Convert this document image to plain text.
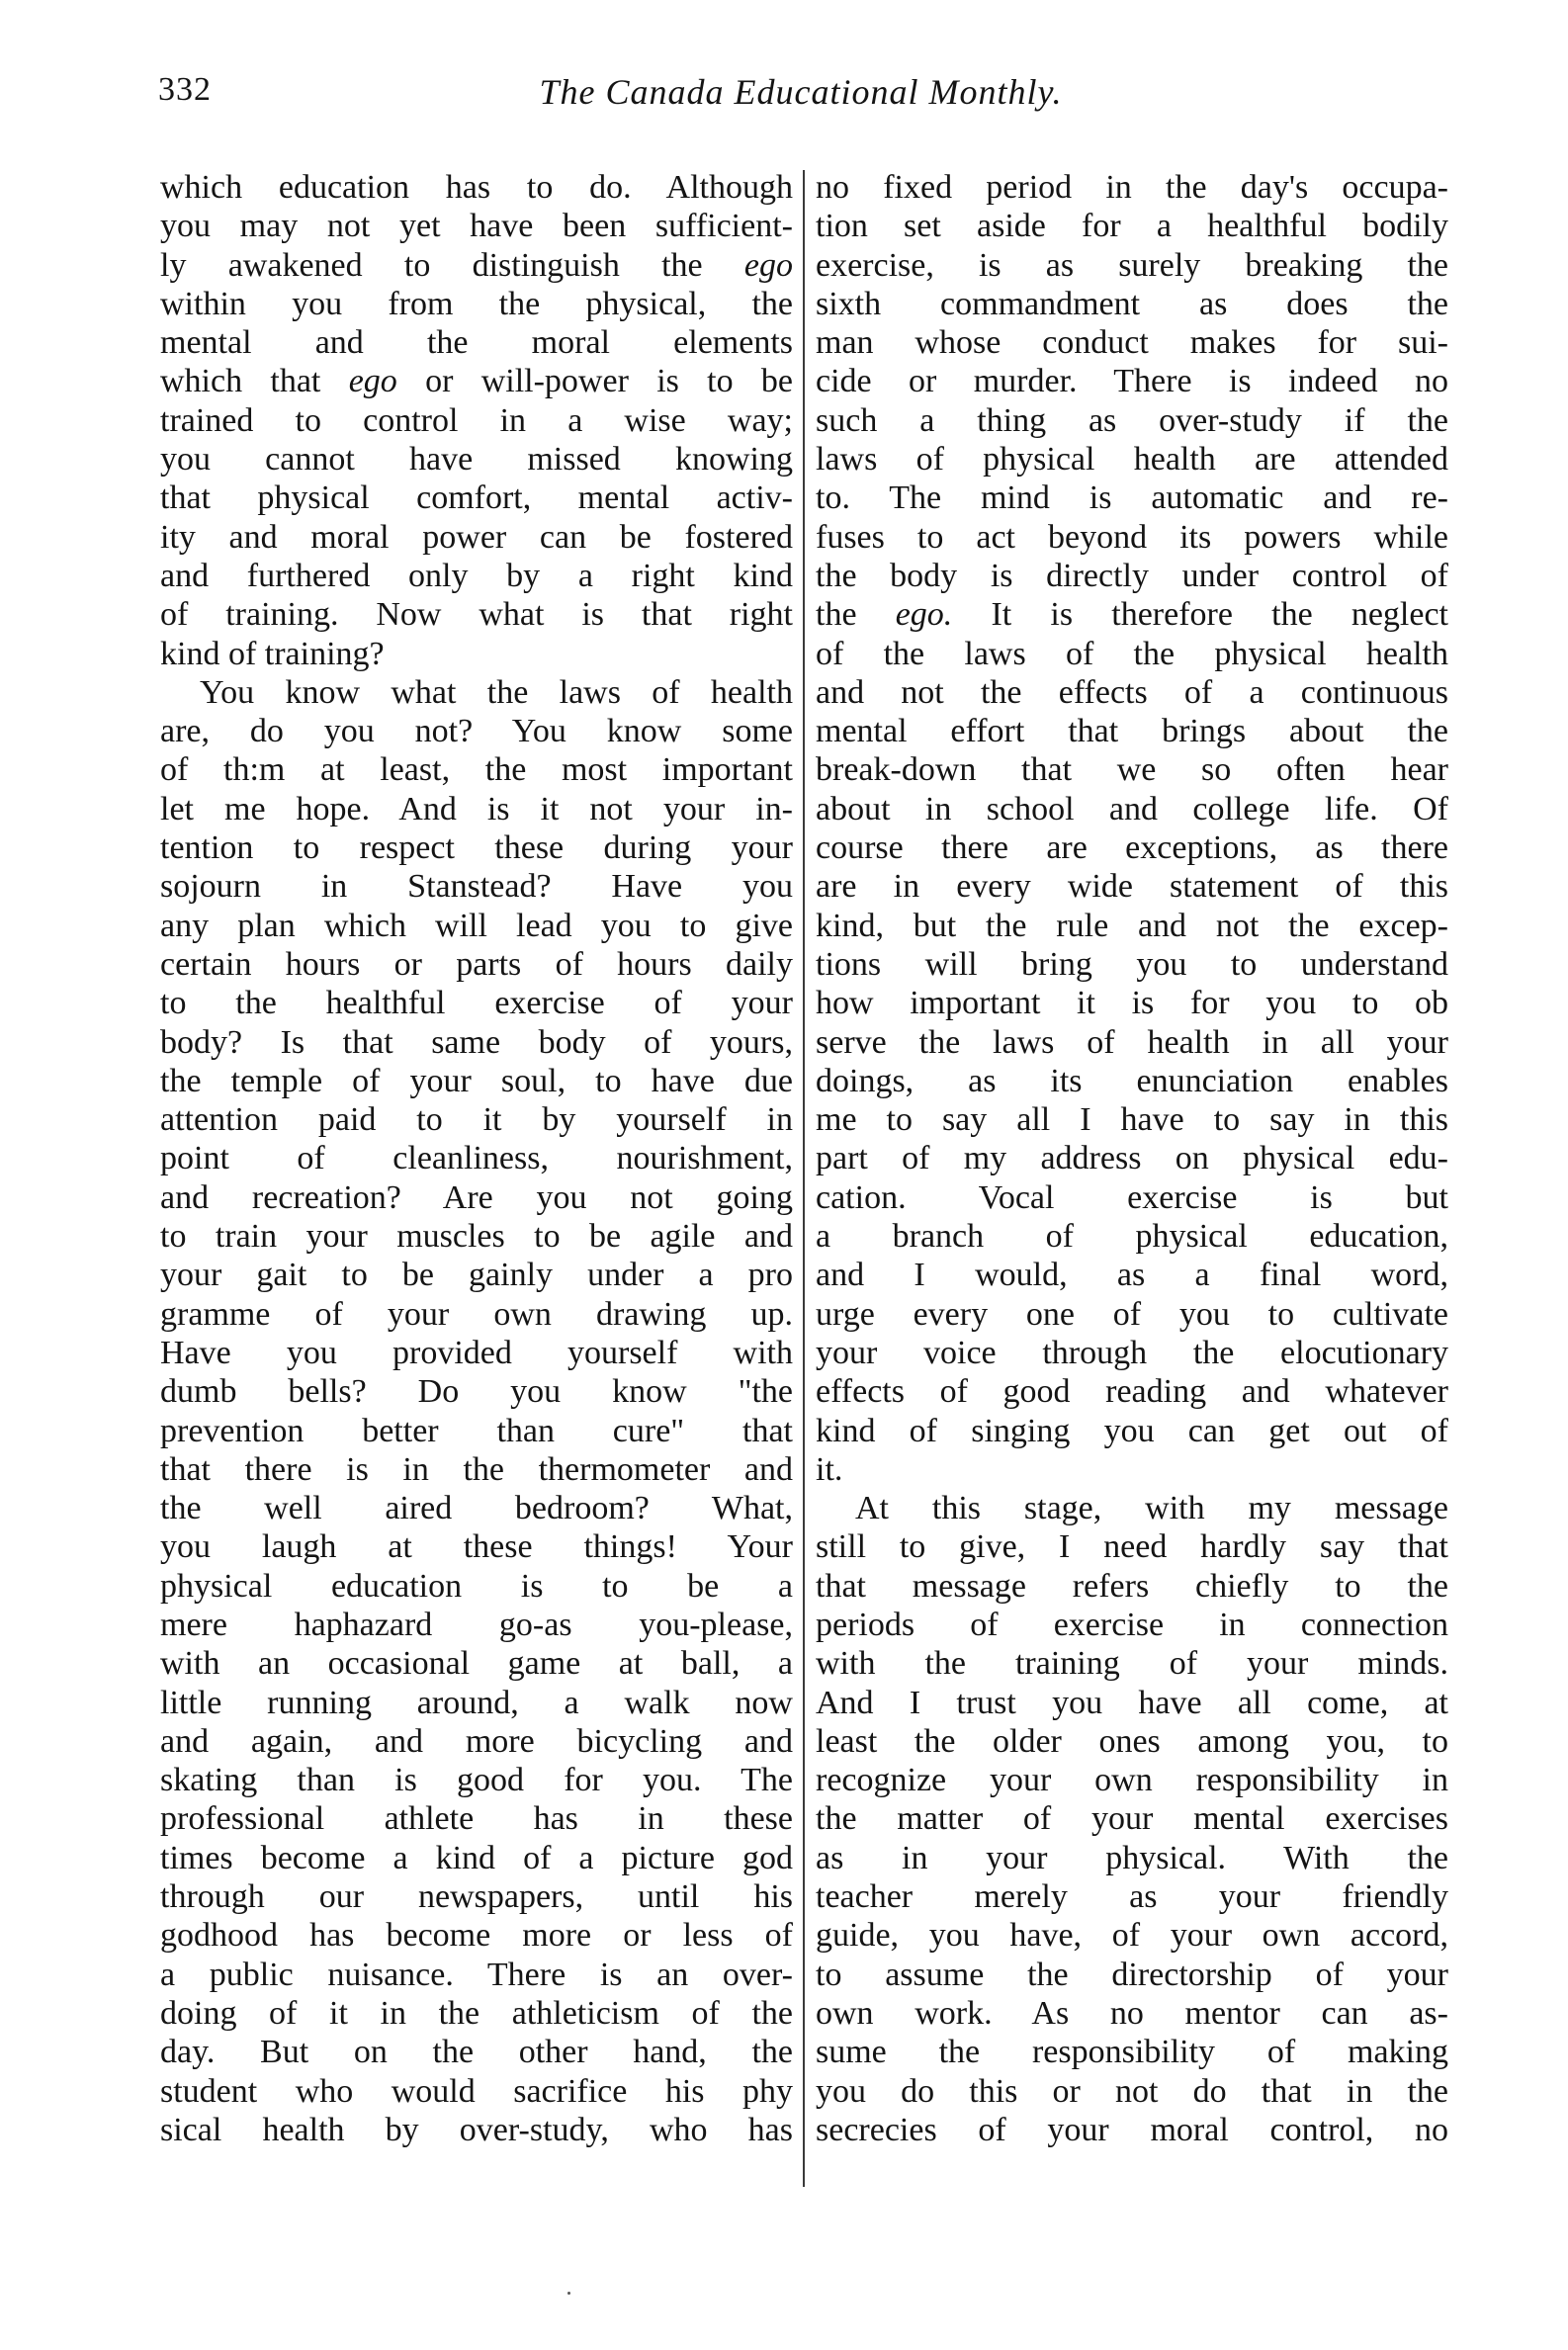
332	The Canada Educational Monthly.
which education has to do. Although
you may not yet have been sufficient-
ly awakened to distinguish the ego
within you from the physical, the
mental and the moral elements
which that ego or will-power is to be
trained to control in a wise way;
you cannot have missed knowing
that physical comfort, mental activ-
ity and moral power can be fostered
and furthered only by a right kind
of training. Now what is that right
kind of training?
You know what the laws of health
are, do you not? You know some
of th:m at least, the most important
let me hope. And is it not your in-
tention to respect these during your
sojourn in Stanstead? Have you
any plan which will lead you to give
certain hours or parts of hours daily
to the healthful exercise of your
body? Is that same body of yours,
the temple of your soul, to have due
attention paid to it by yourself in
point of cleanliness, nourishment,
and recreation? Are you not going
to train your muscles to be agile and
your gait to be gainly under a pro
gramme of your own drawing up.
Have you provided yourself with
dumb bells? Do you know "the
prevention better than cure" that
that there is in the thermometer and
the well aired bedroom? What,
you laugh at these things! Your
physical education is to be a
mere haphazard go-as you-please,
with an occasional game at ball, a
little running around, a walk now
and again, and more bicycling and
skating than is good for you. The
professional athlete has in these
times become a kind of a picture god
through our newspapers, until his
godhood has become more or less of
a public nuisance. There is an over-
doing of it in the athleticism of the
day. But on the other hand, the
student who would sacrifice his phy
sical health by over-study, who has
no fixed period in the day's occupa-
tion set aside for a healthful bodily
exercise, is as surely breaking the
sixth commandment as does the
man whose conduct makes for sui-
cide or murder. There is indeed no
such a thing as over-study if the
laws of physical health are attended
to. The mind is automatic and re-
fuses to act beyond its powers while
the body is directly under control of
the ego. It is therefore the neglect
of the laws of the physical health
and not the effects of a continuous
mental effort that brings about the
break-down that we so often hear
about in school and college life. Of
course there are exceptions, as there
are in every wide statement of this
kind, but the rule and not the excep-
tions will bring you to understand
how important it is for you to ob
serve the laws of health in all your
doings, as its enunciation enables
me to say all I have to say in this
part of my address on physical edu-
cation. Vocal exercise is but
a branch of physical education,
and I would, as a final word,
urge every one of you to cultivate
your voice through the elocutionary
effects of good reading and whatever
kind of singing you can get out of
it.
At this stage, with my message
still to give, I need hardly say that
that message refers chiefly to the
periods of exercise in connection
with the training of your minds.
And I trust you have all come, at
least the older ones among you, to
recognize your own responsibility in
the matter of your mental exercises
as in your physical. With the
teacher merely as your friendly
guide, you have, of your own accord,
to assume the directorship of your
own work. As no mentor can as-
sume the responsibility of making
you do this or not do that in the
secrecies of your moral control, no
